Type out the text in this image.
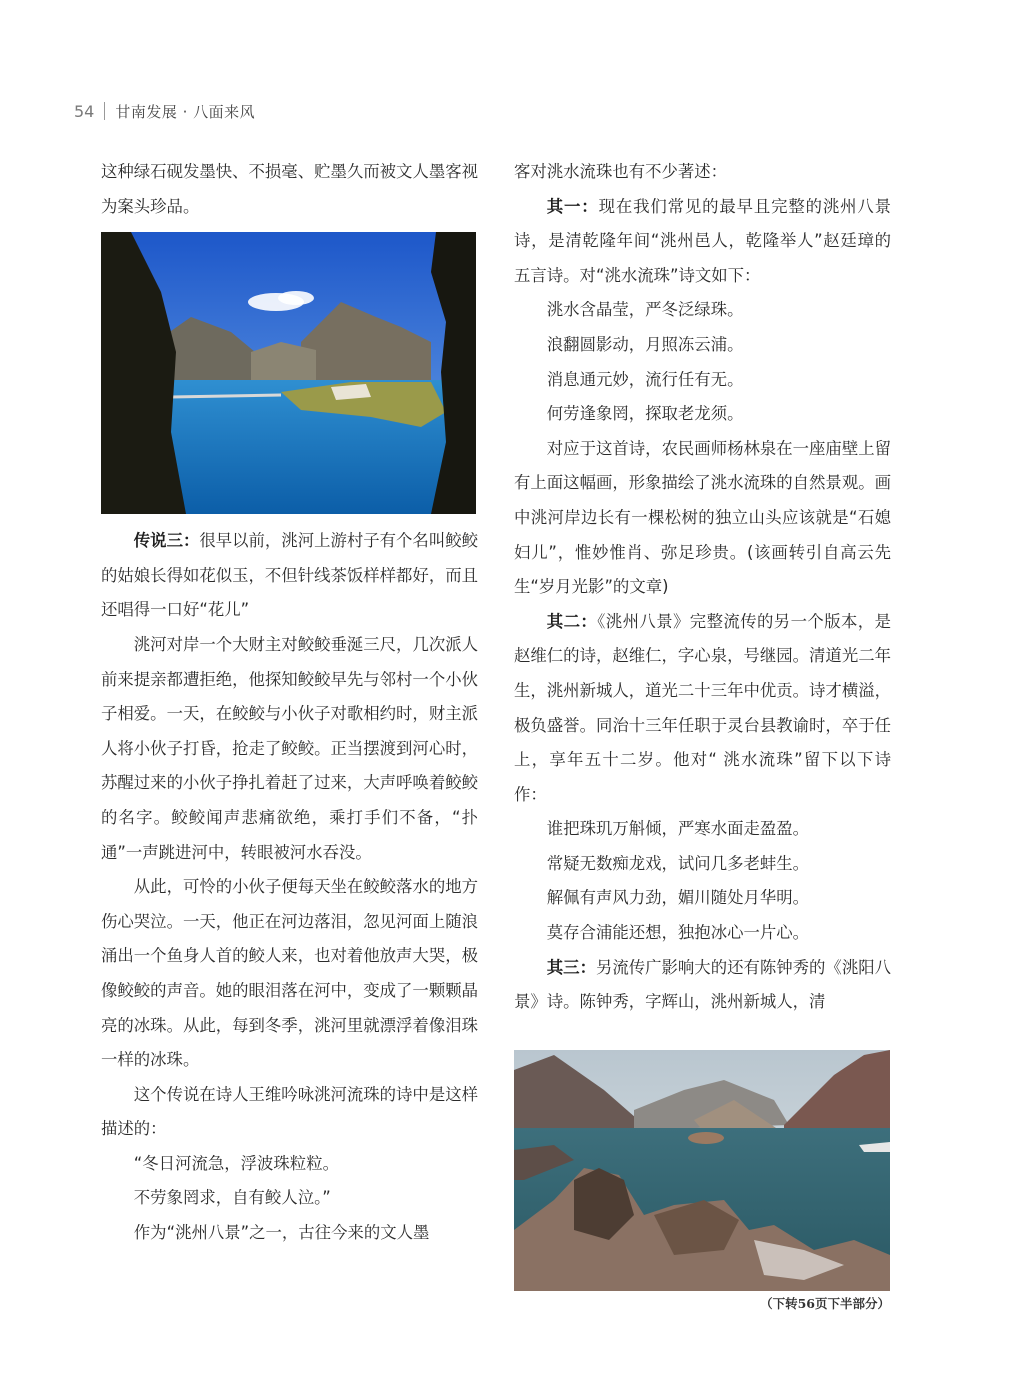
54 甘南发展 · 八面来风

这种绿石砚发墨快、不损毫、贮墨久而被文人墨客视为案头珍品。

传说三：很早以前，洮河上游村子有个名叫鲛鲛的姑娘长得如花似玉，不但针线茶饭样样都好，而且还唱得一口好“花儿”

洮河对岸一个大财主对鲛鲛垂涎三尺，几次派人前来提亲都遭拒绝，他探知鲛鲛早先与邻村一个小伙子相爱。一天，在鲛鲛与小伙子对歌相约时，财主派人将小伙子打昏，抢走了鲛鲛。正当摆渡到河心时，苏醒过来的小伙子挣扎着赶了过来，大声呼唤着鲛鲛的名字。鲛鲛闻声悲痛欲绝，乘打手们不备，“扑通”一声跳进河中，转眼被河水吞没。

从此，可怜的小伙子便每天坐在鲛鲛落水的地方伤心哭泣。一天，他正在河边落泪，忽见河面上随浪涌出一个鱼身人首的鲛人来，也对着他放声大哭，极像鲛鲛的声音。她的眼泪落在河中，变成了一颗颗晶亮的冰珠。从此，每到冬季，洮河里就漂浮着像泪珠一样的冰珠。

这个传说在诗人王维吟咏洮河流珠的诗中是这样描述的：

“冬日河流急，浮波珠粒粒。

不劳象罔求，自有鲛人泣。”

作为“洮州八景”之一，古往今来的文人墨

客对洮水流珠也有不少著述：

其一：现在我们常见的最早且完整的洮州八景诗，是清乾隆年间“洮州邑人，乾隆举人”赵廷璋的五言诗。对“洮水流珠”诗文如下：

洮水含晶莹，严冬泛绿珠。

浪翻圆影动，月照冻云浦。

消息通元妙，流行任有无。

何劳逢象罔，探取老龙须。

对应于这首诗，农民画师杨林泉在一座庙壁上留有上面这幅画，形象描绘了洮水流珠的自然景观。画中洮河岸边长有一棵松树的独立山头应该就是“石媳妇儿”，惟妙惟肖、弥足珍贵。(该画转引自高云先生“岁月光影”的文章)

其二：《洮州八景》完整流传的另一个版本，是赵维仁的诗，赵维仁，字心泉，号继园。清道光二年生，洮州新城人，道光二十三年中优贡。诗才横溢，极负盛誉。同治十三年任职于灵台县教谕时，卒于任上，享年五十二岁。他对“ 洮水流珠”留下以下诗作：

谁把珠玑万斛倾，严寒水面走盈盈。

常疑无数痴龙戏，试问几多老蚌生。

解佩有声风力劲，媚川随处月华明。

莫存合浦能还想，独抱冰心一片心。

其三：另流传广影响大的还有陈钟秀的《洮阳八景》诗。陈钟秀，字辉山，洮州新城人，清

（下转56页下半部分）
